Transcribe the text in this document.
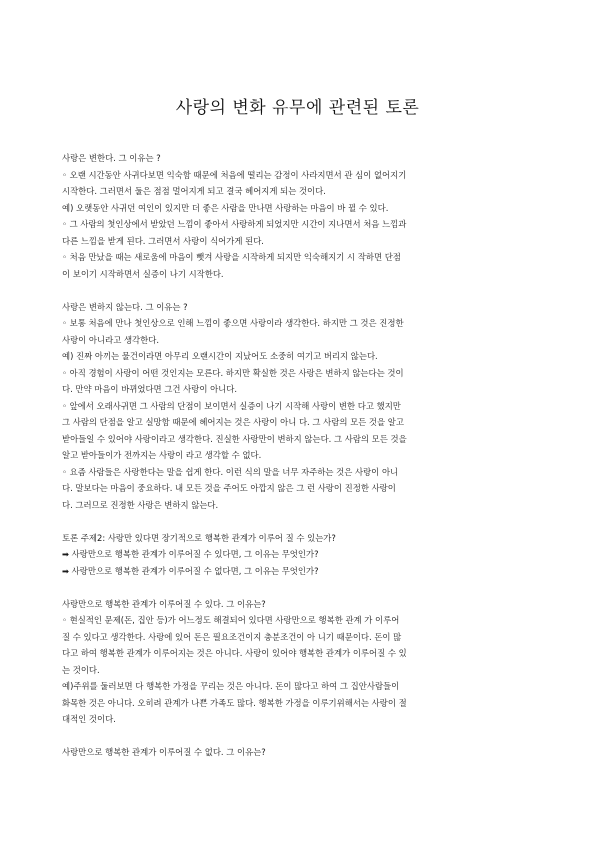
사랑의 변화 유무에 관련된 토론
사랑은 변한다. 그 이유는 ?
◦ 오랜 시간동안 사귀다보면 익숙함 때문에 처음에 떨리는 감정이 사라지면서 관 심이 없어지기
시작한다. 그러면서 둘은 점점 멀어지게 되고 결국 헤어지게 되는 것이다.
예) 오랫동안 사귀던 여인이 있지만 더 좋은 사람을 만나면 사랑하는 마음이 바 뀔 수 있다.
◦ 그 사람의 첫인상에서 받았던 느낌이 좋아서 사랑하게 되었지만 시간이 지나면서 처음 느낌과
다른 느낌을 받게 된다. 그러면서 사랑이 식어가게 된다.
◦ 처음 만났을 때는 새로움에 마음이 뺏겨 사랑을 시작하게 되지만 익숙해지기 시 작하면 단점
이 보이기 시작하면서 실증이 나기 시작한다.
사랑은 변하지 않는다. 그 이유는 ?
◦ 보통 처음에 만나 첫인상으로 인해 느낌이 좋으면 사랑이라 생각한다. 하지만 그 것은 진정한
사랑이 아니라고 생각한다.
예) 진짜 아끼는 물건이라면 아무리 오랜시간이 지났어도 소중히 여기고 버리지 않는다.
◦ 아직 경험이 사랑이 어떤 것인지는 모른다. 하지만 확실한 것은 사랑은 변하지 않는다는 것이
다. 만약 마음이 바뀌었다면 그건 사랑이 아니다.
◦ 앞에서 오래사귀면 그 사람의 단점이 보이면서 실증이 나기 시작해 사랑이 변한 다고 했지만
그 사람의 단점을 알고 실망함 때문에 헤어지는 것은 사랑이 아니 다. 그 사람의 모든 것을 알고
받아들일 수 있어야 사랑이라고 생각한다. 진실한 사랑만이 변하지 않는다. 그 사람의 모든 것을
알고 받아들이가 전까지는 사랑이 라고 생각할 수 없다.
◦ 요즘 사람들은 사랑한다는 말을 쉽게 한다. 이런 식의 말을 너무 자주하는 것은 사랑이 아니
다. 말보다는 마음이 중요하다. 내 모든 것을 주어도 아깝지 않은 그 런 사랑이 진정한 사랑이
다. 그러므로 진정한 사랑은 변하지 않는다.
토론 주제2: 사랑만 있다면 장기적으로 행복한 관계가 이루어 질 수 있는가?
➡ 사랑만으로 행복한 관계가 이루어질 수 있다면, 그 이유는 무엇인가?
➡ 사랑만으로 행복한 관계가 이루어질 수 없다면, 그 이유는 무엇인가?
사랑만으로 행복한 관계가 이루어질 수 있다. 그 이유는?
◦ 현실적인 문제(돈, 집안 등)가 어느정도 해결되어 있다면 사랑만으로 행복한 관계 가 이루어
질 수 있다고 생각한다. 사랑에 있어 돈은 필요조건이지 충분조건이 아 니기 때문이다. 돈이 많
다고 하여 행복한 관계가 이루어지는 것은 아니다. 사랑이 있어야 행복한 관계가 이루어질 수 있
는 것이다.
예)주위를 둘러보면 다 행복한 가정을 꾸리는 것은 아니다. 돈이 많다고 하여 그 집안사람들이
화목한 것은 아니다. 오히려 관계가 나쁜 가족도 많다. 행복한 가정을 이루기위해서는 사랑이 절
대적인 것이다.
사랑만으로 행복한 관계가 이루어질 수 없다. 그 이유는?
